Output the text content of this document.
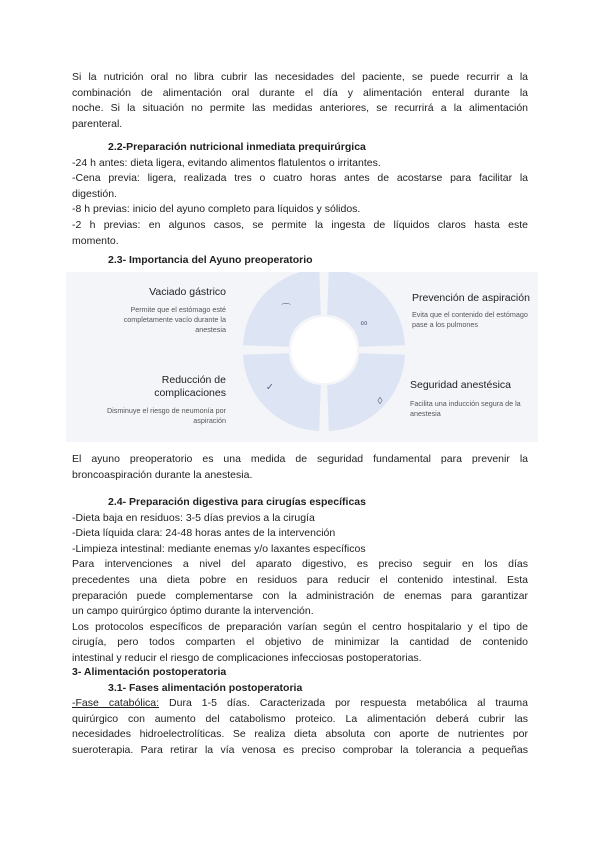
Si la nutrición oral no libra cubrir las necesidades del paciente, se puede recurrir a la
combinación de alimentación oral durante el día y alimentación enteral durante la
noche. Si la situación no permite las medidas anteriores, se recurrirá a la alimentación
parenteral.
2.2-Preparación nutricional inmediata prequirúrgica
-24 h antes: dieta ligera, evitando alimentos flatulentos o irritantes.
-Cena previa: ligera, realizada tres o cuatro horas antes de acostarse para facilitar la
digestión.
-8 h previas: inicio del ayuno completo para líquidos y sólidos.
-2 h previas: en algunos casos, se permite la ingesta de líquidos claros hasta este
momento.
2.3- Importancia del Ayuno preoperatorio
⌒
∞
✓
◊
Vaciado gástrico
Permite que el estómago esté
completamente vacío durante la
anestesia
Prevención de aspiración
Evita que el contenido del estómago
pase a los pulmones
Reducción de
complicaciones
Disminuye el riesgo de neumonía por
aspiración
Seguridad anestésica
Facilita una inducción segura de la
anestesia
El ayuno preoperatorio es una medida de seguridad fundamental para prevenir la
broncoaspiración durante la anestesia.
2.4- Preparación digestiva para cirugías específicas
-Dieta baja en residuos: 3-5 días previos a la cirugía
-Dieta líquida clara: 24-48 horas antes de la intervención
-Limpieza intestinal: mediante enemas y/o laxantes específicos
Para intervenciones a nivel del aparato digestivo, es preciso seguir en los días
precedentes una dieta pobre en residuos para reducir el contenido intestinal. Esta
preparación puede complementarse con la administración de enemas para garantizar
un campo quirúrgico óptimo durante la intervención.
Los protocolos específicos de preparación varían según el centro hospitalario y el tipo de
cirugía, pero todos comparten el objetivo de minimizar la cantidad de contenido
intestinal y reducir el riesgo de complicaciones infecciosas postoperatorias.
3- Alimentación postoperatoria
3.1- Fases alimentación postoperatoria
-Fase catabólica: Dura 1-5 días. Caracterizada por respuesta metabólica al trauma
quirúrgico con aumento del catabolismo proteico. La alimentación deberá cubrir las
necesidades hidroelectrolíticas. Se realiza dieta absoluta con aporte de nutrientes por
sueroterapia. Para retirar la vía venosa es preciso comprobar la tolerancia a pequeñas
